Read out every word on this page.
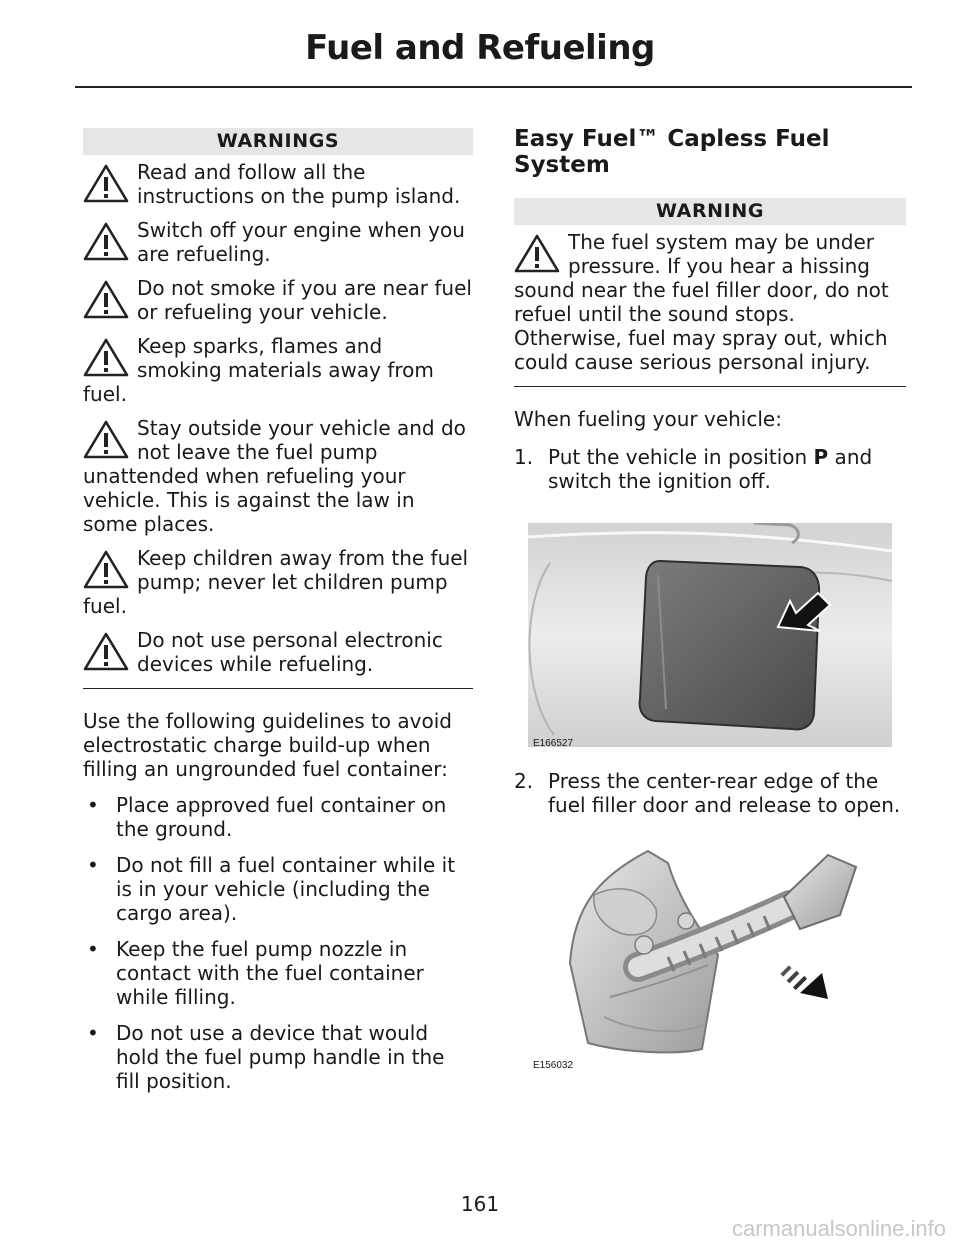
Fuel and Refueling
WARNINGS
Read and follow all the instructions on the pump island.
Switch off your engine when you are refueling.
Do not smoke if you are near fuel or refueling your vehicle.
Keep sparks, flames and smoking materials away from fuel.
Stay outside your vehicle and do not leave the fuel pump unattended when refueling your vehicle. This is against the law in some places.
Keep children away from the fuel pump; never let children pump fuel.
Do not use personal electronic devices while refueling.
Use the following guidelines to avoid electrostatic charge build-up when filling an ungrounded fuel container:
• Place approved fuel container on the ground.
• Do not fill a fuel container while it is in your vehicle (including the cargo area).
• Keep the fuel pump nozzle in contact with the fuel container while filling.
• Do not use a device that would hold the fuel pump handle in the fill position.
Easy Fuel™ Capless Fuel System
WARNING
The fuel system may be under pressure. If you hear a hissing sound near the fuel filler door, do not refuel until the sound stops. Otherwise, fuel may spray out, which could cause serious personal injury.
When fueling your vehicle:
1. Put the vehicle in position P and switch the ignition off.
E166527
2. Press the center-rear edge of the fuel filler door and release to open.
E156032
161
carmanualsonline.info
